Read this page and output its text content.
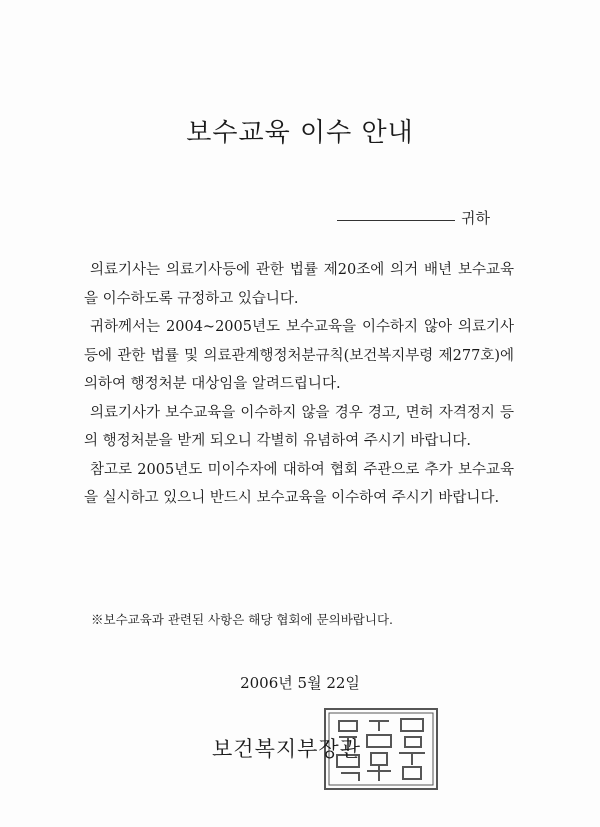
보수교육 이수 안내
귀하

의료기사는 의료기사등에 관한 법률 제20조에 의거 배년 보수교육을 이수하도록 규정하고 있습니다.

귀하께서는 2004~2005년도 보수교육을 이수하지 않아 의료기사등에 관한 법률 및 의료관계행정처분규칙(보건복지부령 제277호)에 의하여 행정처분 대상임을 알려드립니다.

의료기사가 보수교육을 이수하지 않을 경우 경고, 면허 자격정지 등의 행정처분을 받게 되오니 각별히 유념하여 주시기 바랍니다.

참고로 2005년도 미이수자에 대하여 협회 주관으로 추가 보수교육을 실시하고 있으니 반드시 보수교육을 이수하여 주시기 바랍니다.

※보수교육과 관련된 사항은 해당 협회에 문의바랍니다.
2006년 5월 22일
보건복지부장관
